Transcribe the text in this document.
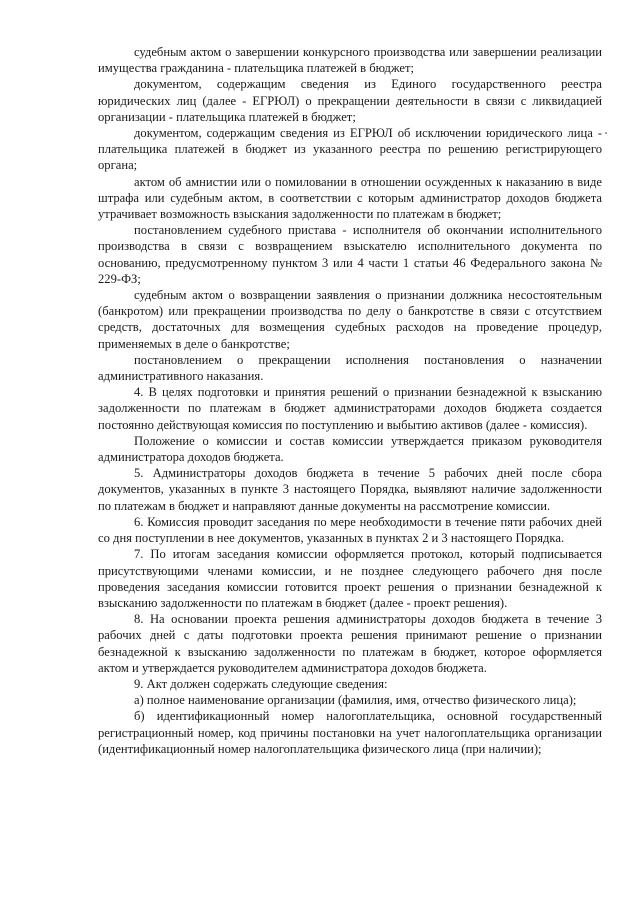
судебным актом о завершении конкурсного производства или завершении реализации имущества гражданина - плательщика платежей в бюджет;

документом, содержащим сведения из Единого государственного реестра юридических лиц (далее - ЕГРЮЛ) о прекращении деятельности в связи с ликвидацией организации - плательщика платежей в бюджет;

документом, содержащим сведения из ЕГРЮЛ об исключении юридического лица - плательщика платежей в бюджет из указанного реестра по решению регистрирующего органа;

актом об амнистии или о помиловании в отношении осужденных к наказанию в виде штрафа или судебным актом, в соответствии с которым администратор доходов бюджета утрачивает возможность взыскания задолженности по платежам в бюджет;

постановлением судебного пристава - исполнителя об окончании исполнительного производства в связи с возвращением взыскателю исполнительного документа по основанию, предусмотренному пунктом 3 или 4 части 1 статьи 46 Федерального закона № 229-ФЗ;

судебным актом о возвращении заявления о признании должника несостоятельным (банкротом) или прекращении производства по делу о банкротстве в связи с отсутствием средств, достаточных для возмещения судебных расходов на проведение процедур, применяемых в деле о банкротстве;

постановлением о прекращении исполнения постановления о назначении административного наказания.

4. В целях подготовки и принятия решений о признании безнадежной к взысканию задолженности по платежам в бюджет администраторами доходов бюджета создается постоянно действующая комиссия по поступлению и выбытию активов (далее - комиссия).

Положение о комиссии и состав комиссии утверждается приказом руководителя администратора доходов бюджета.

5. Администраторы доходов бюджета в течение 5 рабочих дней после сбора документов, указанных в пункте 3 настоящего Порядка, выявляют наличие задолженности по платежам в бюджет и направляют данные документы на рассмотрение комиссии.

6. Комиссия проводит заседания по мере необходимости в течение пяти рабочих дней со дня поступлении в нее документов, указанных в пунктах 2 и 3 настоящего Порядка.

7. По итогам заседания комиссии оформляется протокол, который подписывается присутствующими членами комиссии, и не позднее следующего рабочего дня после проведения заседания комиссии готовится проект решения о признании безнадежной к взысканию задолженности по платежам в бюджет (далее - проект решения).

8. На основании проекта решения администраторы доходов бюджета в течение 3 рабочих дней с даты подготовки проекта решения принимают решение о признании безнадежной к взысканию задолженности по платежам в бюджет, которое оформляется актом и утверждается руководителем администратора доходов бюджета.

9. Акт должен содержать следующие сведения:

а) полное наименование организации (фамилия, имя, отчество физического лица);

б) идентификационный номер налогоплательщика, основной государственный регистрационный номер, код причины постановки на учет налогоплательщика организации (идентификационный номер налогоплательщика физического лица (при наличии);
